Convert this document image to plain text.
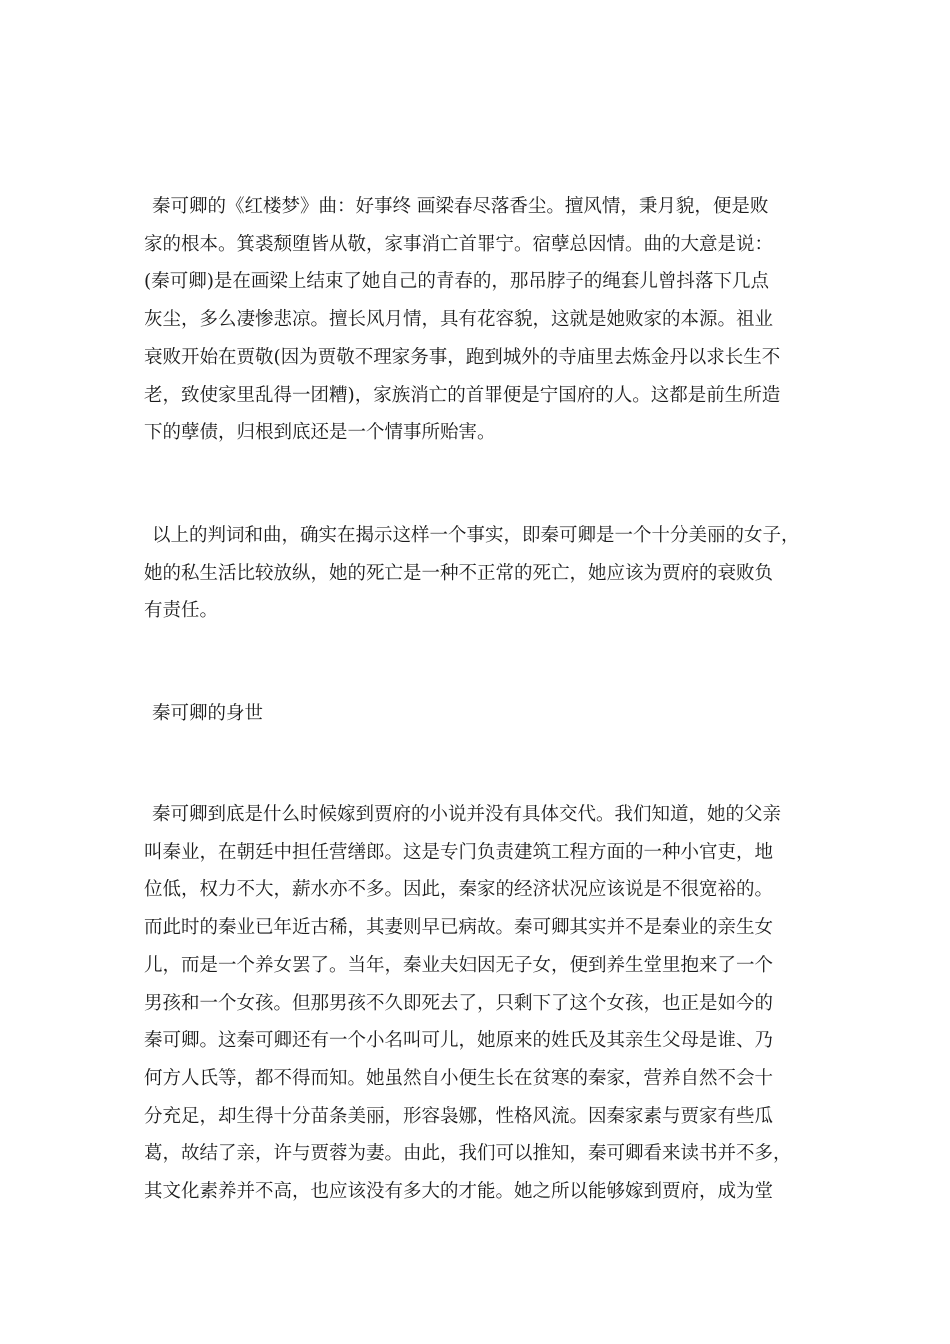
秦可卿的《红楼梦》曲：好事终 画梁春尽落香尘。擅风情，秉月貌，便是败
家的根本。箕裘颓堕皆从敬，家事消亡首罪宁。宿孽总因情。曲的大意是说：
(秦可卿)是在画梁上结束了她自己的青春的，那吊脖子的绳套儿曾抖落下几点
灰尘，多么凄惨悲凉。擅长风月情，具有花容貌，这就是她败家的本源。祖业
衰败开始在贾敬(因为贾敬不理家务事，跑到城外的寺庙里去炼金丹以求长生不
老，致使家里乱得一团糟)，家族消亡的首罪便是宁国府的人。这都是前生所造
下的孽债，归根到底还是一个情事所贻害。
以上的判词和曲，确实在揭示这样一个事实，即秦可卿是一个十分美丽的女子，
她的私生活比较放纵，她的死亡是一种不正常的死亡，她应该为贾府的衰败负
有责任。
秦可卿的身世
秦可卿到底是什么时候嫁到贾府的小说并没有具体交代。我们知道，她的父亲
叫秦业，在朝廷中担任营缮郎。这是专门负责建筑工程方面的一种小官吏，地
位低，权力不大，薪水亦不多。因此，秦家的经济状况应该说是不很宽裕的。
而此时的秦业已年近古稀，其妻则早已病故。秦可卿其实并不是秦业的亲生女
儿，而是一个养女罢了。当年，秦业夫妇因无子女，便到养生堂里抱来了一个
男孩和一个女孩。但那男孩不久即死去了，只剩下了这个女孩，也正是如今的
秦可卿。这秦可卿还有一个小名叫可儿，她原来的姓氏及其亲生父母是谁、乃
何方人氏等，都不得而知。她虽然自小便生长在贫寒的秦家，营养自然不会十
分充足，却生得十分苗条美丽，形容袅娜，性格风流。因秦家素与贾家有些瓜
葛，故结了亲，许与贾蓉为妻。由此，我们可以推知，秦可卿看来读书并不多，
其文化素养并不高，也应该没有多大的才能。她之所以能够嫁到贾府，成为堂
